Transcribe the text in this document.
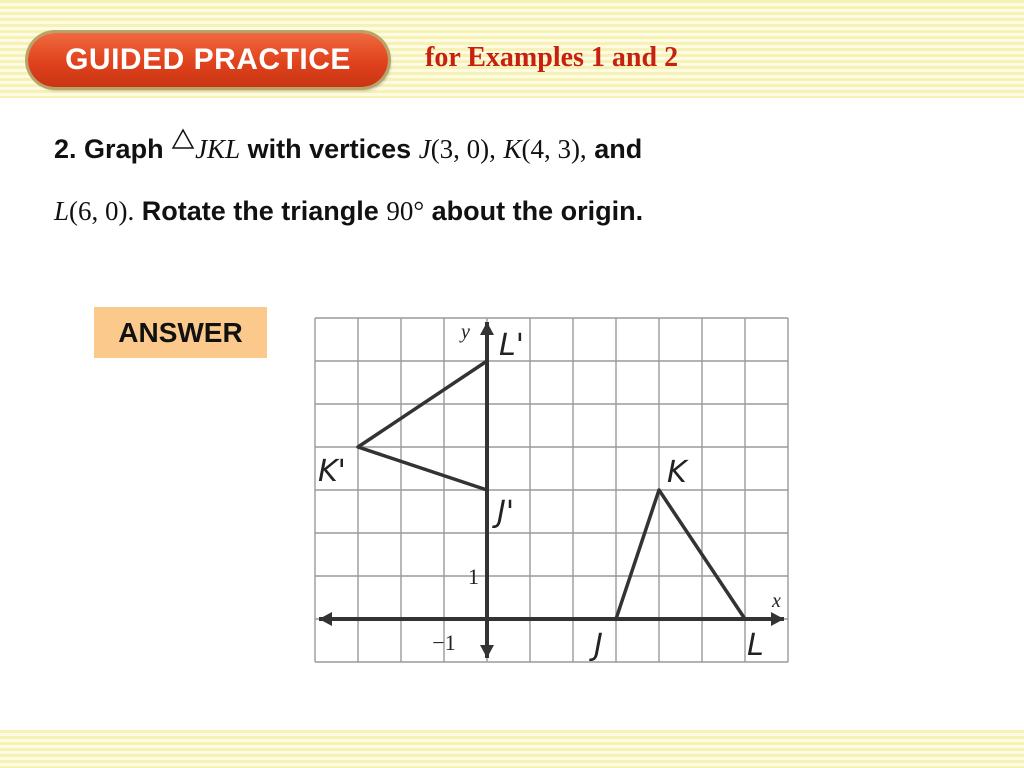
GUIDED PRACTICE	for Examples 1 and 2
2. Graph JKL with vertices J(3, 0), K(4, 3), and
L(6, 0). Rotate the triangle 90° about the origin.
ANSWER
x
y
1
−1	J
K
L
J'
K'
L'
